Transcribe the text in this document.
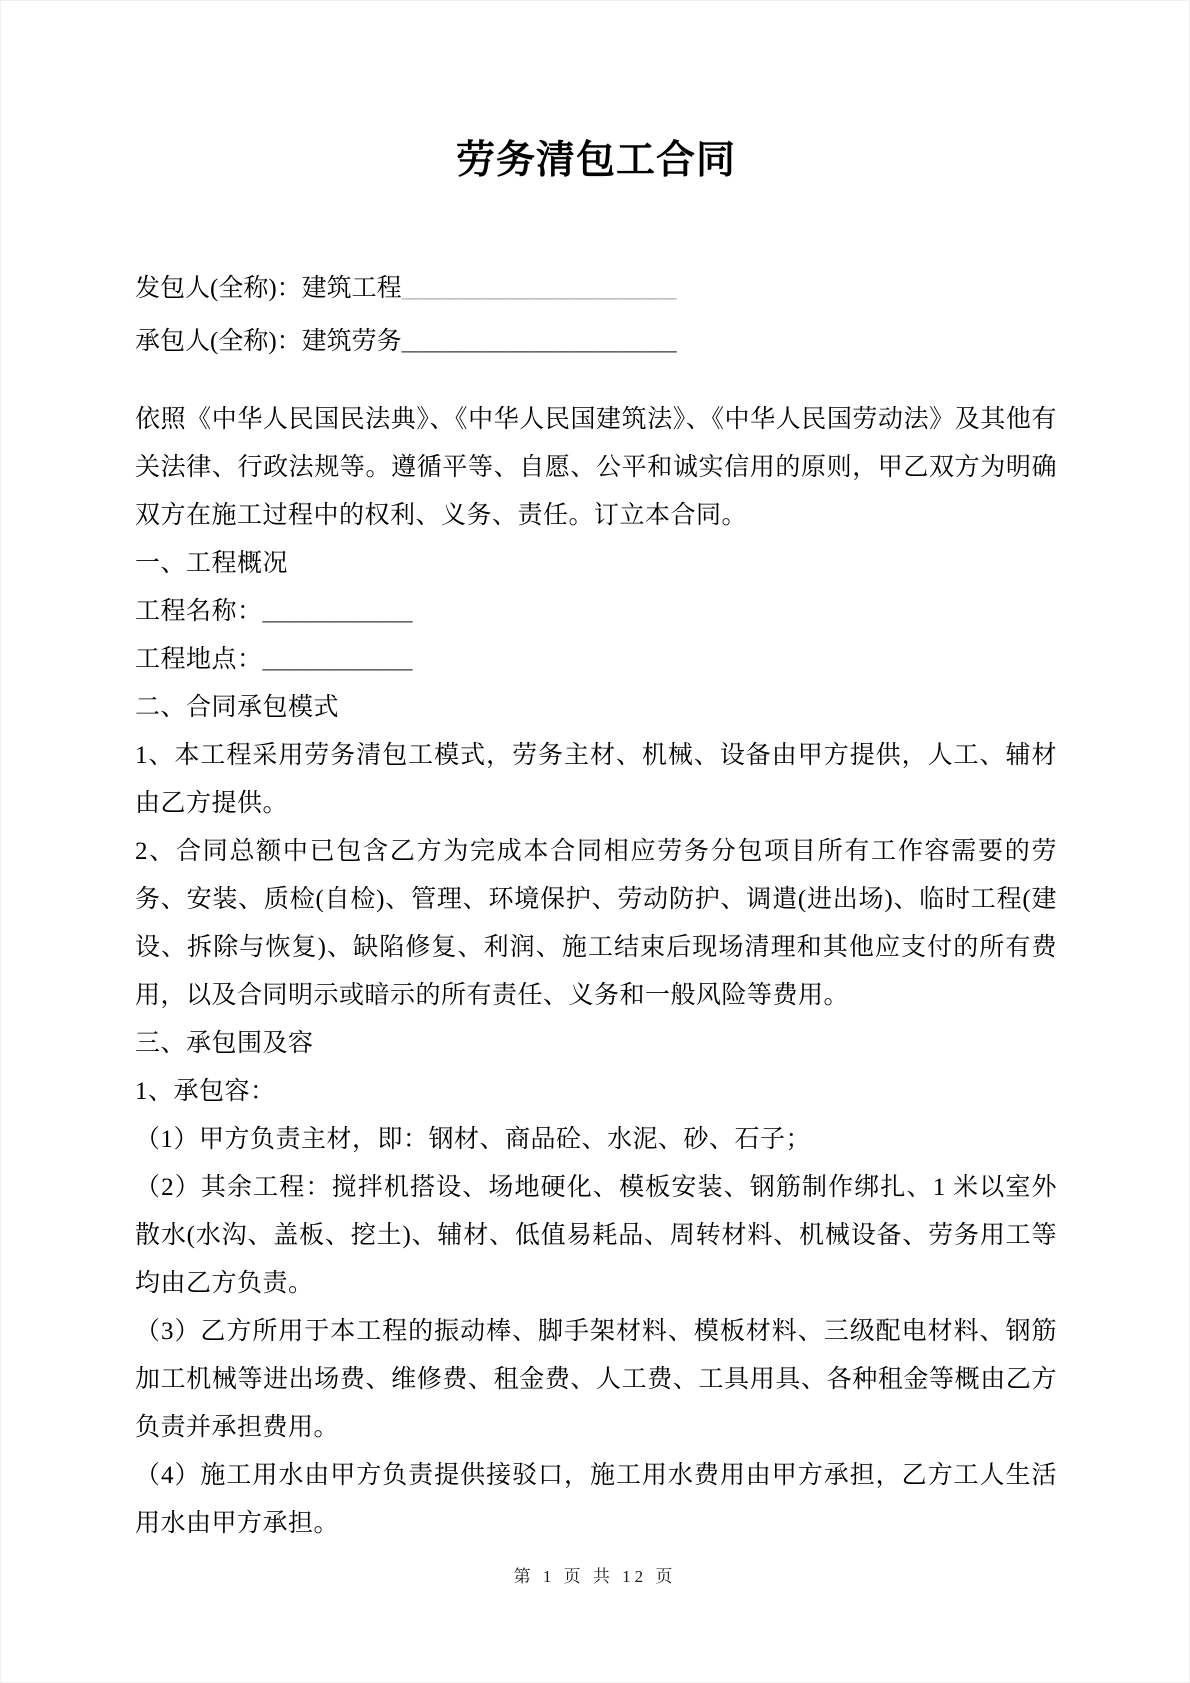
劳务清包工合同

发包人(全称)：建筑工程______________________

承包人(全称)：建筑劳务______________________

依照《中华人民国民法典》、《中华人民国建筑法》、《中华人民国劳动法》及其他有关法律、行政法规等。遵循平等、自愿、公平和诚实信用的原则，甲乙双方为明确双方在施工过程中的权利、义务、责任。订立本合同。

一、工程概况

工程名称：____________

工程地点：____________

二、合同承包模式

1、本工程采用劳务清包工模式，劳务主材、机械、设备由甲方提供，人工、辅材由乙方提供。

2、合同总额中已包含乙方为完成本合同相应劳务分包项目所有工作容需要的劳务、安装、质检(自检)、管理、环境保护、劳动防护、调遣(进出场)、临时工程(建设、拆除与恢复)、缺陷修复、利润、施工结束后现场清理和其他应支付的所有费用，以及合同明示或暗示的所有责任、义务和一般风险等费用。

三、承包围及容

1、承包容：

（1）甲方负责主材，即：钢材、商品砼、水泥、砂、石子；

（2）其余工程：搅拌机搭设、场地硬化、模板安装、钢筋制作绑扎、1 米以室外散水(水沟、盖板、挖土)、辅材、低值易耗品、周转材料、机械设备、劳务用工等均由乙方负责。

（3）乙方所用于本工程的振动棒、脚手架材料、模板材料、三级配电材料、钢筋加工机械等进出场费、维修费、租金费、人工费、工具用具、各种租金等概由乙方负责并承担费用。

（4）施工用水由甲方负责提供接驳口，施工用水费用由甲方承担，乙方工人生活用水由甲方承担。

第 1 页 共 12 页
